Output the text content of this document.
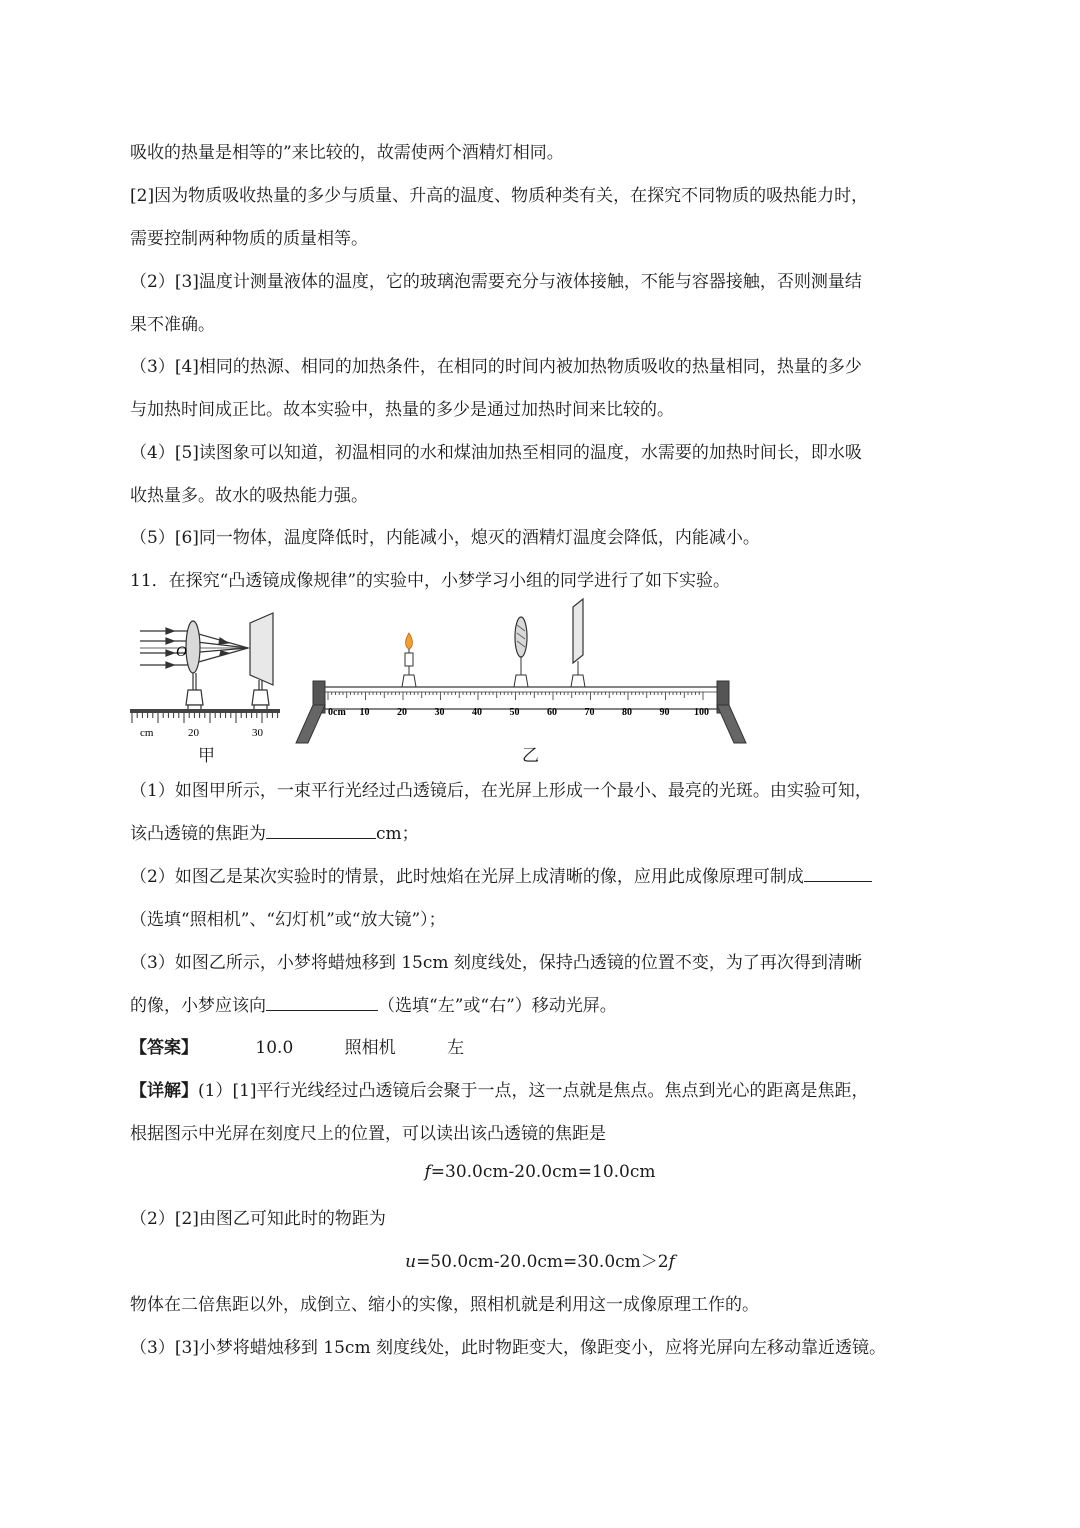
吸收的热量是相等的”来比较的，故需使两个酒精灯相同。
[2]因为物质吸收热量的多少与质量、升高的温度、物质种类有关，在探究不同物质的吸热能力时，
需要控制两种物质的质量相等。
（2）[3]温度计测量液体的温度，它的玻璃泡需要充分与液体接触，不能与容器接触，否则测量结
果不准确。
（3）[4]相同的热源、相同的加热条件，在相同的时间内被加热物质吸收的热量相同，热量的多少
与加热时间成正比。故本实验中，热量的多少是通过加热时间来比较的。
（4）[5]读图象可以知道，初温相同的水和煤油加热至相同的温度，水需要的加热时间长，即水吸
收热量多。故水的吸热能力强。
（5）[6]同一物体，温度降低时，内能减小，熄灭的酒精灯温度会降低，内能减小。
11．在探究“凸透镜成像规律”的实验中，小梦学习小组的同学进行了如下实验。
O
cm	20	30
0cm 10	20	30	40	50	60	70	80	90 100
甲	乙
（1）如图甲所示，一束平行光经过凸透镜后，在光屏上形成一个最小、最亮的光斑。由实验可知，
该凸透镜的焦距为	cm；
（2）如图乙是某次实验时的情景，此时烛焰在光屏上成清晰的像，应用此成像原理可制成
（选填“照相机”、“幻灯机”或“放大镜”）；
（3）如图乙所示，小梦将蜡烛移到 15cm 刻度线处，保持凸透镜的位置不变，为了再次得到清晰
的像，小梦应该向	（选填“左”或“右”）移动光屏。
【答案】	10.0	照相机	左
【详解】(1）[1]平行光线经过凸透镜后会聚于一点，这一点就是焦点。焦点到光心的距离是焦距，
根据图示中光屏在刻度尺上的位置，可以读出该凸透镜的焦距是
f=30.0cm-20.0cm=10.0cm
（2）[2]由图乙可知此时的物距为
u=50.0cm-20.0cm=30.0cm＞2f
物体在二倍焦距以外，成倒立、缩小的实像，照相机就是利用这一成像原理工作的。
（3）[3]小梦将蜡烛移到 15cm 刻度线处，此时物距变大，像距变小，应将光屏向左移动靠近透镜。
